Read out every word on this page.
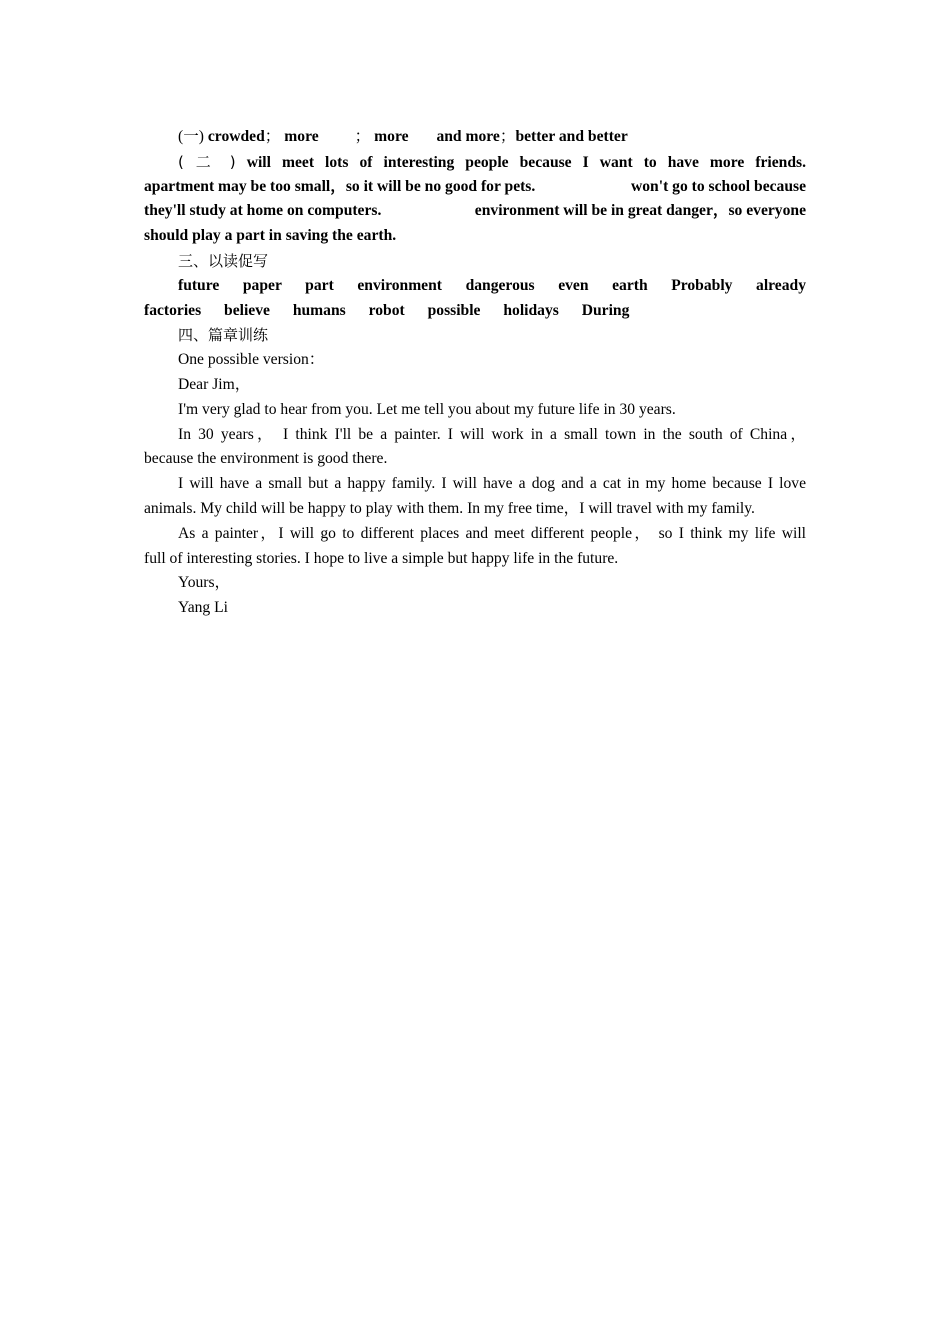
(一) crowded； more ； more and more；better and better
( 二 ) will meet lots of interesting people because I want to have more friends.
apartment may be too small，so it will be no good for pets.	won't go to school because
they'll study at home on computers.	environment will be in great danger，so everyone
should play a part in saving the earth.
三、以读促写
future paper part environment dangerous even earth Probably already
factories believe humans robot possible holidays During
四、篇章训练
One possible version：
Dear Jim，
I'm very glad to hear from you. Let me tell you about my future life in 30 years.
In 30 years， I think I'll be a painter. I will work in a small town in the south of China，
because the environment is good there.
I will have a small but a happy family. I will have a dog and a cat in my home because I love
animals. My child will be happy to play with them. In my free time，I will travel with my family.
As a painter，I will go to different places and meet different people， so I think my life will
full of interesting stories. I hope to live a simple but happy life in the future.
Yours，
Yang Li
